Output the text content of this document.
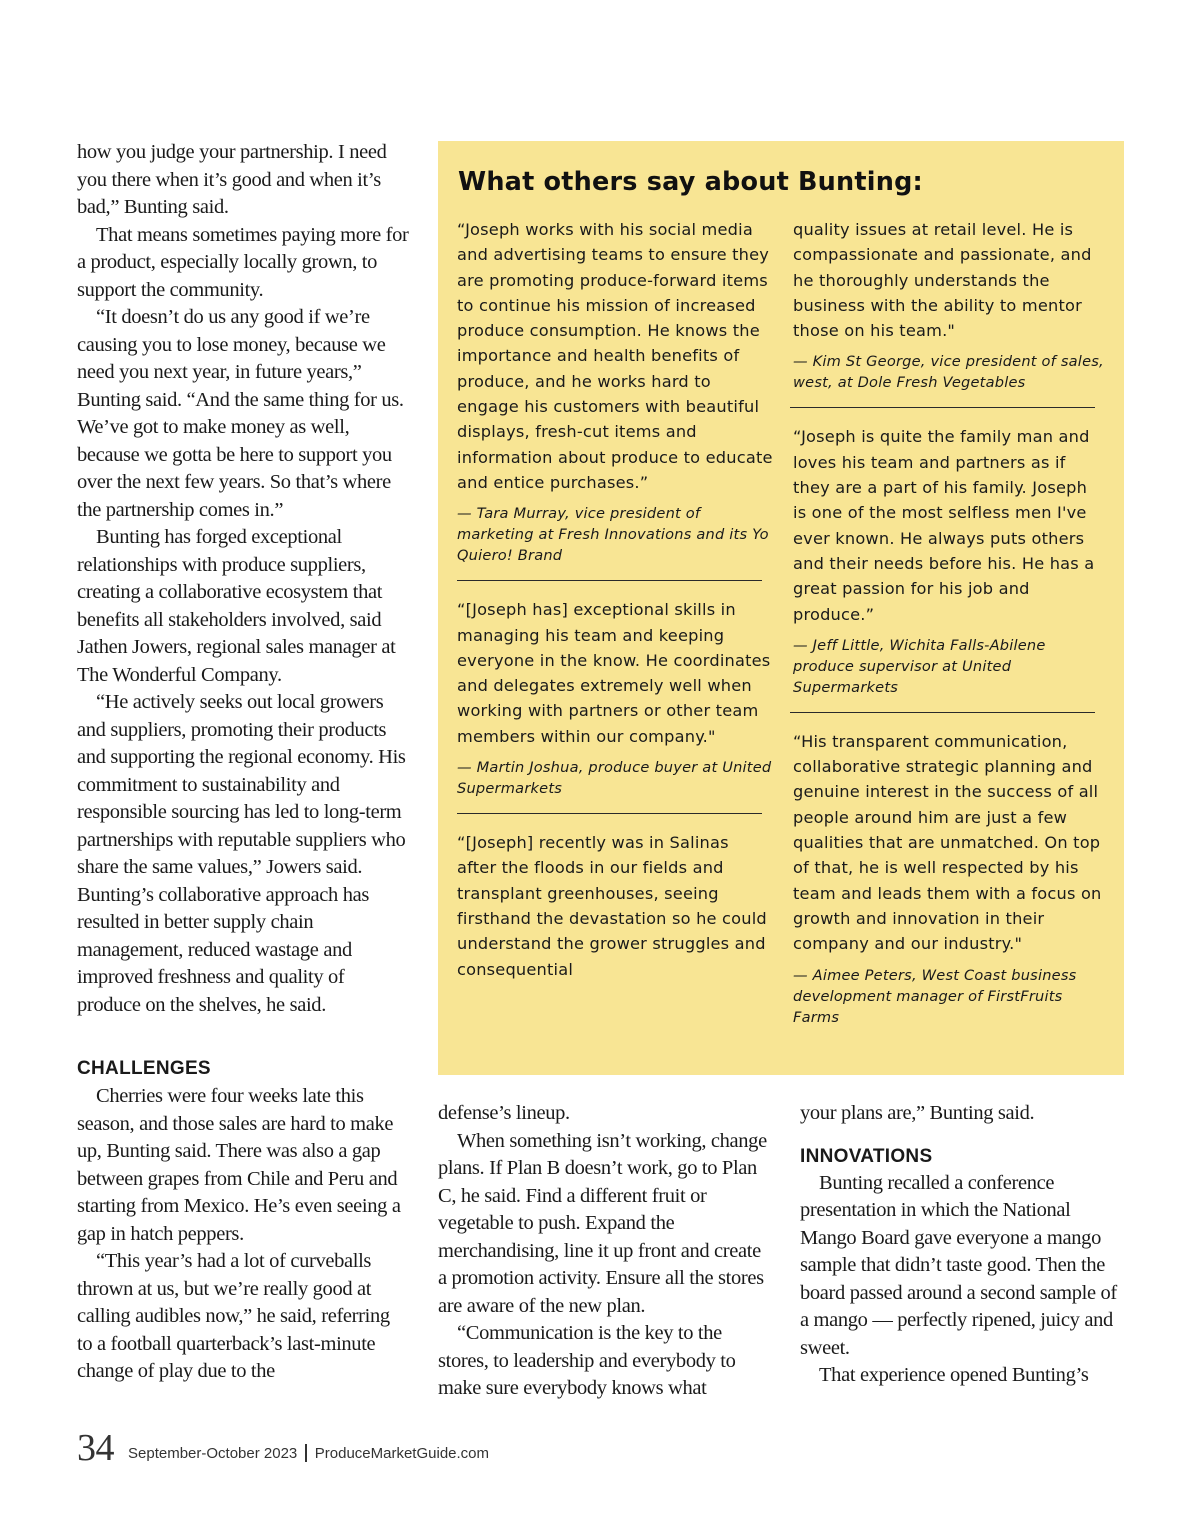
how you judge your partnership. I need you there when it’s good and when it’s bad,” Bunting said.

That means sometimes paying more for a product, especially locally grown, to support the community.

“It doesn’t do us any good if we’re causing you to lose money, because we need you next year, in future years,” Bunting said. “And the same thing for us. We’ve got to make money as well, because we gotta be here to support you over the next few years. So that’s where the partnership comes in.”

Bunting has forged exceptional relationships with produce suppliers, creating a collaborative ecosystem that benefits all stakeholders involved, said Jathen Jowers, regional sales manager at The Wonderful Company.

“He actively seeks out local growers and suppliers, promoting their products and supporting the regional economy. His commitment to sustainability and responsible sourcing has led to long-term partnerships with reputable suppliers who share the same values,” Jowers said. Bunting’s collaborative approach has resulted in better supply chain management, reduced wastage and improved freshness and quality of produce on the shelves, he said.

CHALLENGES

Cherries were four weeks late this season, and those sales are hard to make up, Bunting said. There was also a gap between grapes from Chile and Peru and starting from Mexico. He’s even seeing a gap in hatch peppers.

“This year’s had a lot of curveballs thrown at us, but we’re really good at calling audibles now,” he said, referring to a football quarterback’s last-minute change of play due to the

What others say about Bunting:

“Joseph works with his social media and advertising teams to ensure they are promoting produce-forward items to continue his mission of increased produce consumption. He knows the importance and health benefits of produce, and he works hard to engage his customers with beautiful displays, fresh-cut items and information about produce to educate and entice purchases.”

— Tara Murray, vice president of marketing at Fresh Innovations and its Yo Quiero! Brand

“[Joseph has] exceptional skills in managing his team and keeping everyone in the know. He coordinates and delegates extremely well when working with partners or other team members within our company."

— Martin Joshua, produce buyer at United Supermarkets

“[Joseph] recently was in Salinas after the floods in our fields and transplant greenhouses, seeing firsthand the devastation so he could understand the grower struggles and consequential

quality issues at retail level. He is compassionate and passionate, and he thoroughly understands the business with the ability to mentor those on his team."

— Kim St George, vice president of sales, west, at Dole Fresh Vegetables

“Joseph is quite the family man and loves his team and partners as if they are a part of his family. Joseph is one of the most selfless men I've ever known. He always puts others and their needs before his. He has a great passion for his job and produce.”

— Jeff Little, Wichita Falls-Abilene produce supervisor at United Supermarkets

“His transparent communication, collaborative strategic planning and genuine interest in the success of all people around him are just a few qualities that are unmatched. On top of that, he is well respected by his team and leads them with a focus on growth and innovation in their company and our industry."

— Aimee Peters, West Coast business development manager of FirstFruits Farms

defense’s lineup.

When something isn’t working, change plans. If Plan B doesn’t work, go to Plan C, he said. Find a different fruit or vegetable to push. Expand the merchandising, line it up front and create a promotion activity. Ensure all the stores are aware of the new plan.

“Communication is the key to the stores, to leadership and everybody to make sure everybody knows what

your plans are,” Bunting said.

INNOVATIONS

Bunting recalled a conference presentation in which the National Mango Board gave everyone a mango sample that didn’t taste good. Then the board passed around a second sample of a mango — perfectly ripened, juicy and sweet.

That experience opened Bunting’s

34 September-October 2023 ProduceMarketGuide.com
